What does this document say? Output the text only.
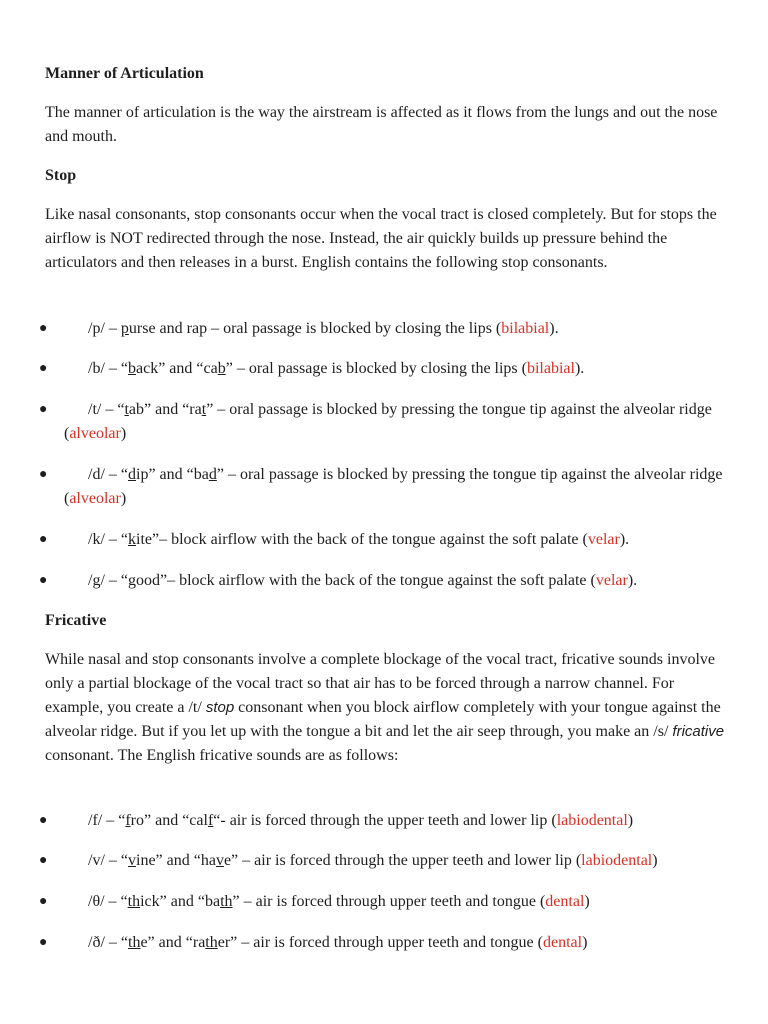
Manner of Articulation
The manner of articulation is the way the airstream is affected as it flows from the lungs and out the nose and mouth.
Stop
Like nasal consonants, stop consonants occur when the vocal tract is closed completely. But for stops the airflow is NOT redirected through the nose. Instead, the air quickly builds up pressure behind the articulators and then releases in a burst. English contains the following stop consonants.
●	/p/ – purse and rap – oral passage is blocked by closing the lips (bilabial).
●	/b/ – “back” and “cab” – oral passage is blocked by closing the lips (bilabial).
●	/t/ – “tab” and “rat” – oral passage is blocked by pressing the tongue tip against the alveolar ridge (alveolar)
●	/d/ – “dip” and “bad” – oral passage is blocked by pressing the tongue tip against the alveolar ridge (alveolar)
●	/k/ – “kite”– block airflow with the back of the tongue against the soft palate (velar).
●	/g/ – “good”– block airflow with the back of the tongue against the soft palate (velar).
Fricative
While nasal and stop consonants involve a complete blockage of the vocal tract, fricative sounds involve only a partial blockage of the vocal tract so that air has to be forced through a narrow channel. For example, you create a /t/ stop consonant when you block airflow completely with your tongue against the alveolar ridge. But if you let up with the tongue a bit and let the air seep through, you make an /s/ fricative consonant. The English fricative sounds are as follows:
●	/f/ – “fro” and “calf“- air is forced through the upper teeth and lower lip (labiodental)
●	/v/ – “vine” and “have” – air is forced through the upper teeth and lower lip (labiodental)
●	/θ/ – “thick” and “bath” – air is forced through upper teeth and tongue (dental)
●	/ð/ – “the” and “rather” – air is forced through upper teeth and tongue (dental)
